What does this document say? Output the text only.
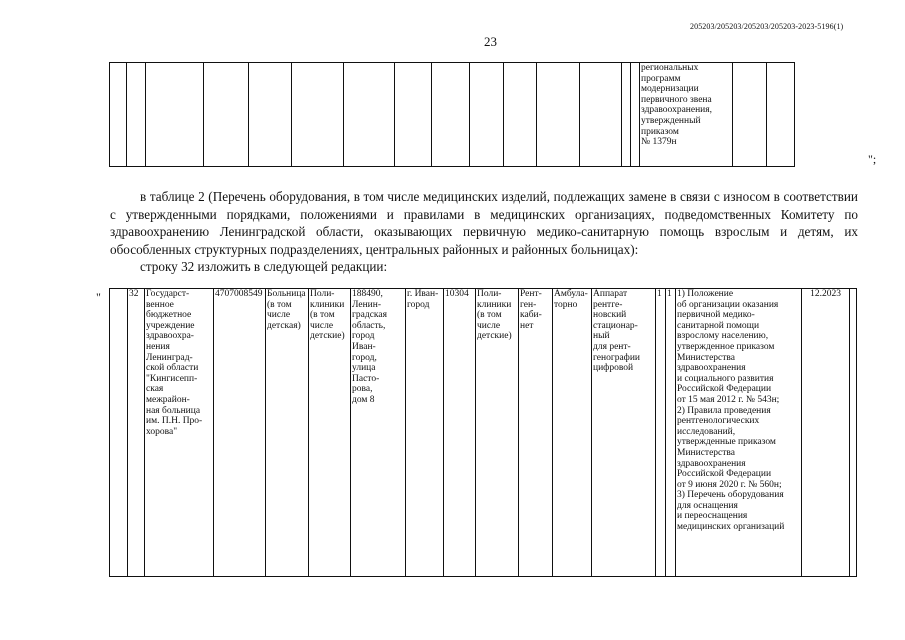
205203/205203/205203/205203-2023-5196(1)
23
															региональных
программ
модернизации
первичного звена
здравоохранения,
утвержденный
приказом
№ 1379н		
";
в таблице 2 (Перечень оборудования, в том числе медицинских изделий, подлежащих замене в связи с износом в соответствии с утвержденными порядками, положениями и правилами в медицинских организациях, подведомственных Комитету по здравоохранению Ленинградской области, оказывающих первичную медико-санитарную помощь взрослым и детям, их обособленных структурных подразделениях, центральных районных и районных больницах):
строку 32 изложить в следующей редакции:
"
		32	Государст-
венное
бюджетное
учреждение
здравоохра-
нения
Ленинград-
ской области
"Кингисепп-
ская
межрайон-
ная больница
им. П.Н. Про-
хорова"	4707008549	Больница
(в том
числе
детская)	Поли-
клиники
(в том
числе
детские)	188490,
Ленин-
градская
область,
город
Иван-
город,
улица
Пасто-
рова,
дом 8	г. Иван-
город	10304	Поли-
клиники
(в том
числе
детские)	Рент-
ген-
каби-
нет	Амбула-
торно	Аппарат
рентге-
новский
стационар-
ный
для рент-
генографии
цифровой	1	1	1) Положение
об организации оказания
первичной медико-
санитарной помощи
взрослому населению,
утвержденное приказом
Министерства
здравоохранения
и социального развития
Российской Федерации
от 15 мая 2012 г. № 543н;
2) Правила проведения
рентгенологических
исследований,
утвержденные приказом
Министерства
здравоохранения
Российской Федерации
от 9 июня 2020 г. № 560н;
3) Перечень оборудования
для оснащения
и переоснащения
медицинских организаций	12.2023	
